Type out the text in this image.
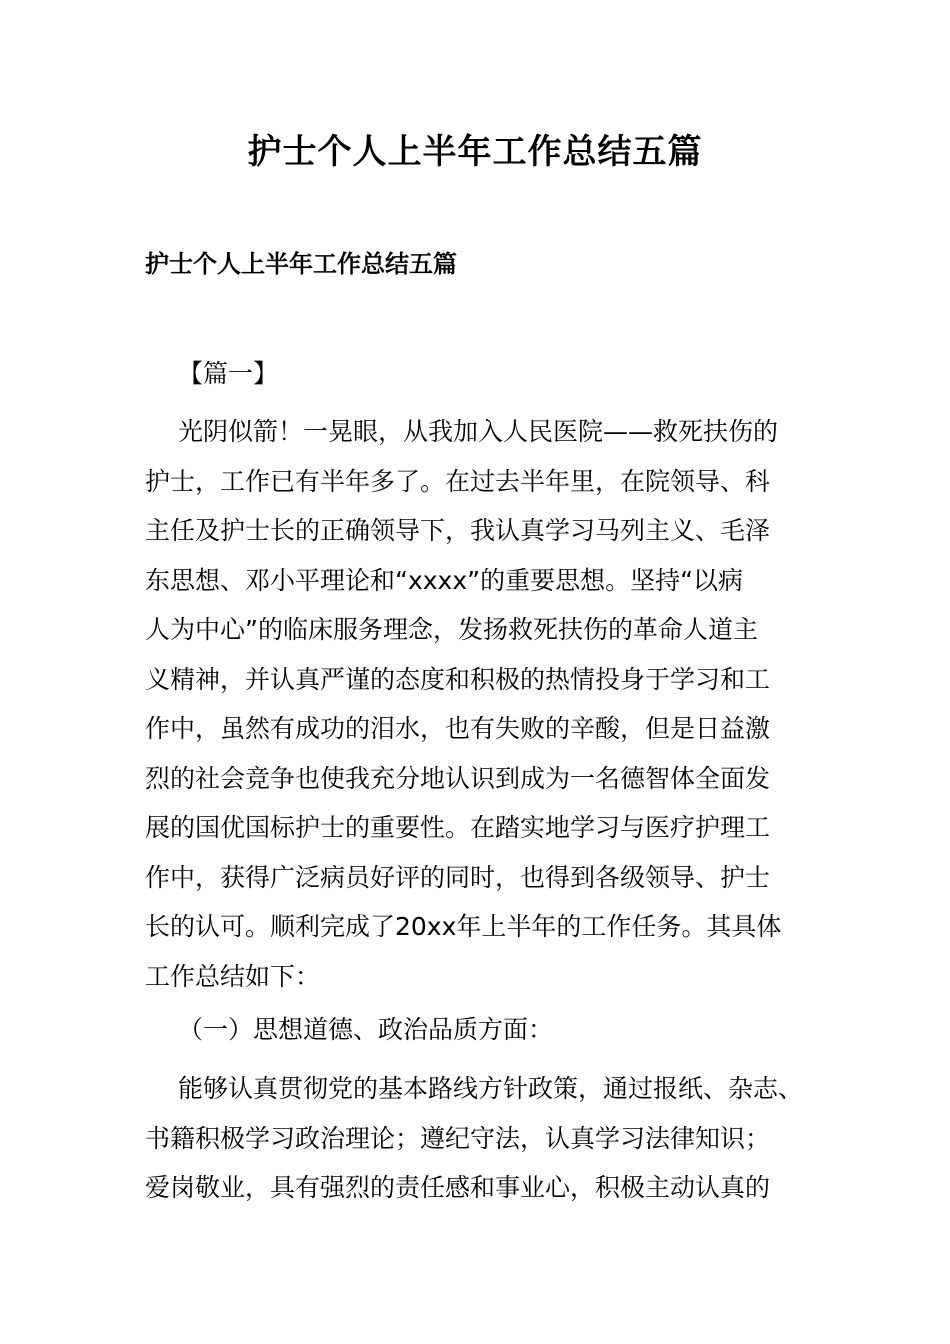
护士个人上半年工作总结五篇
护士个人上半年工作总结五篇
【篇一】
光阴似箭！一晃眼，从我加入人民医院——救死扶伤的
护士，工作已有半年多了。在过去半年里，在院领导、科
主任及护士长的正确领导下，我认真学习马列主义、毛泽
东思想、邓小平理论和“xxxx”的重要思想。坚持“以病
人为中心”的临床服务理念，发扬救死扶伤的革命人道主
义精神，并认真严谨的态度和积极的热情投身于学习和工
作中，虽然有成功的泪水，也有失败的辛酸，但是日益激
烈的社会竞争也使我充分地认识到成为一名德智体全面发
展的国优国标护士的重要性。在踏实地学习与医疗护理工
作中，获得广泛病员好评的同时，也得到各级领导、护士
长的认可。顺利完成了20xx年上半年的工作任务。其具体
工作总结如下：
（一）思想道德、政治品质方面：
能够认真贯彻党的基本路线方针政策，通过报纸、杂志、
书籍积极学习政治理论；遵纪守法，认真学习法律知识；
爱岗敬业，具有强烈的责任感和事业心，积极主动认真的
